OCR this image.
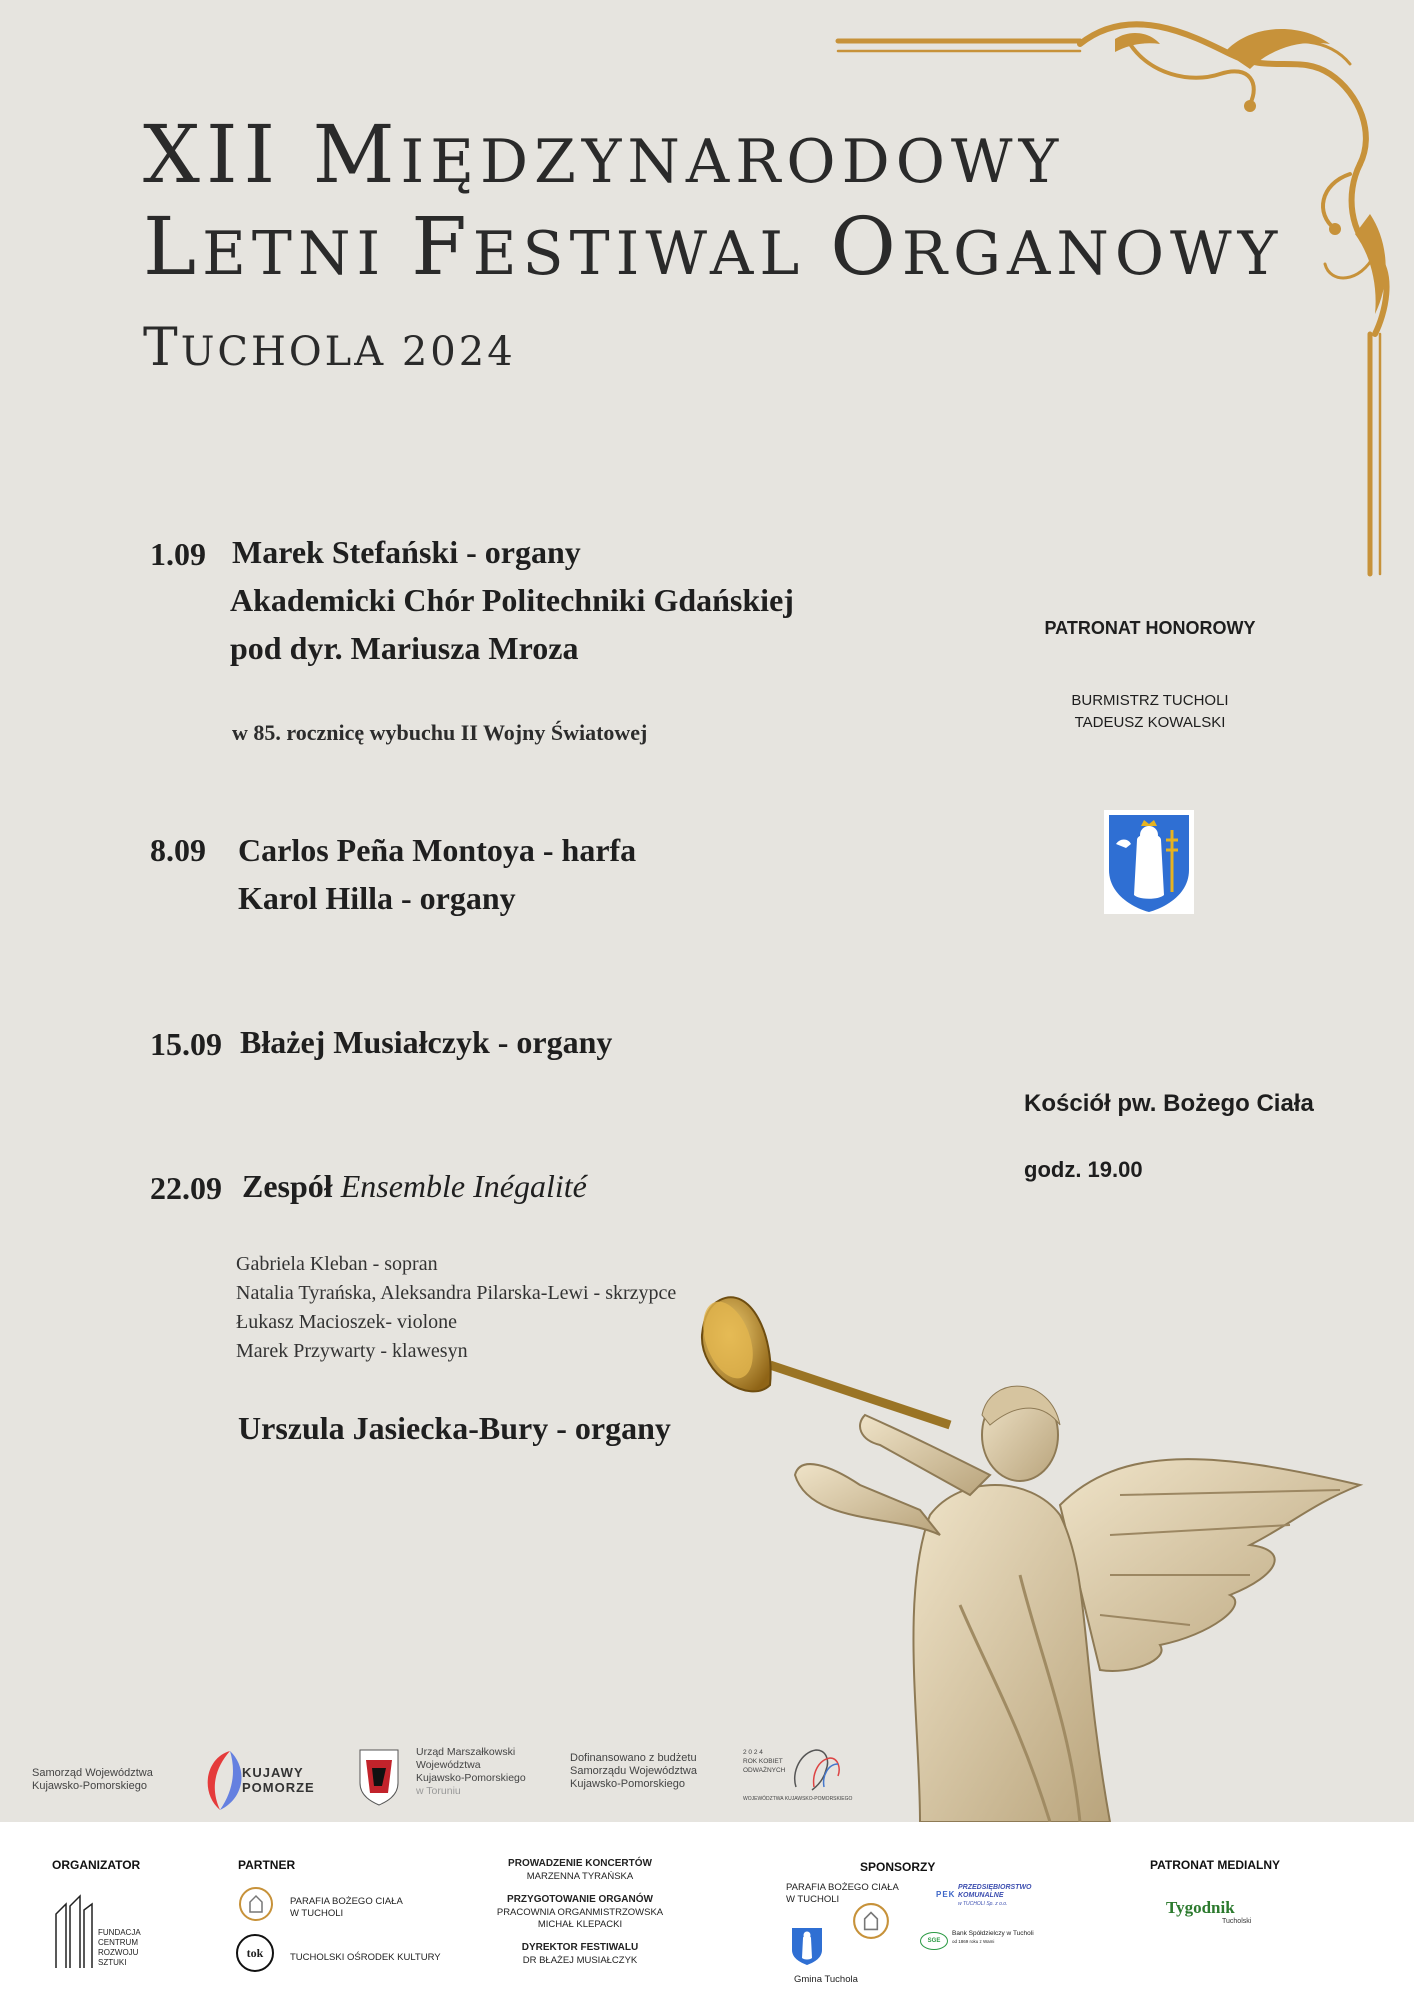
XII MIĘDZYNARODOWY
LETNI FESTIWAL ORGANOWY
TUCHOLA 2024
1.09 Marek Stefański - organy
Akademicki Chór Politechniki Gdańskiej
pod dyr. Mariusza Mroza
w 85. rocznicę wybuchu II Wojny Światowej
8.09 Carlos Peña Montoya - harfa
Karol Hilla - organy
15.09 Błażej Musiałczyk - organy
22.09 Zespół Ensemble Inégalité
Gabriela Kleban - sopran
Natalia Tyrańska, Aleksandra Pilarska-Lewi - skrzypce
Łukasz Macioszek- violone
Marek Przywarty - klawesyn
Urszula Jasiecka-Bury - organy
PATRONAT HONOROWY
BURMISTRZ TUCHOLI
TADEUSZ KOWALSKI
Kościół pw. Bożego Ciała
godz. 19.00
Samorząd Województwa
Kujawsko-Pomorskiego
KUJAWY
POMORZE
Urząd Marszałkowski
Województwa
Kujawsko-Pomorskiego
w Toruniu
Dofinansowano z budżetu
Samorządu Województwa
Kujawsko-Pomorskiego
2 0 2 4
ROK KOBIET
ODWAŻNYCH
WOJEWÓDZTWA KUJAWSKO-POMORSKIEGO
ORGANIZATOR
FUNDACJA
CENTRUM
ROZWOJU
SZTUKI
PARTNER
PARAFIA BOŻEGO CIAŁA
W TUCHOLI
tok	TUCHOLSKI OŚRODEK KULTURY
PROWADZENIE KONCERTÓW
MARZENNA TYRAŃSKA
PRZYGOTOWANIE ORGANÓW
PRACOWNIA ORGANMISTRZOWSKA
MICHAŁ KLEPACKI
DYREKTOR FESTIWALU
DR BŁAŻEJ MUSIAŁCZYK
SPONSORZY
PARAFIA BOŻEGO CIAŁA
W TUCHOLI	PEK
PRZEDSIĘBIORSTWO
KOMUNALNE
w TUCHOLI Sp. z o.o.
Gmina Tuchola
SGE
Bank Spółdzielczy w Tucholi
od 1869 roku z Wami
PATRONAT MEDIALNY
Tygodnik
Tucholski
